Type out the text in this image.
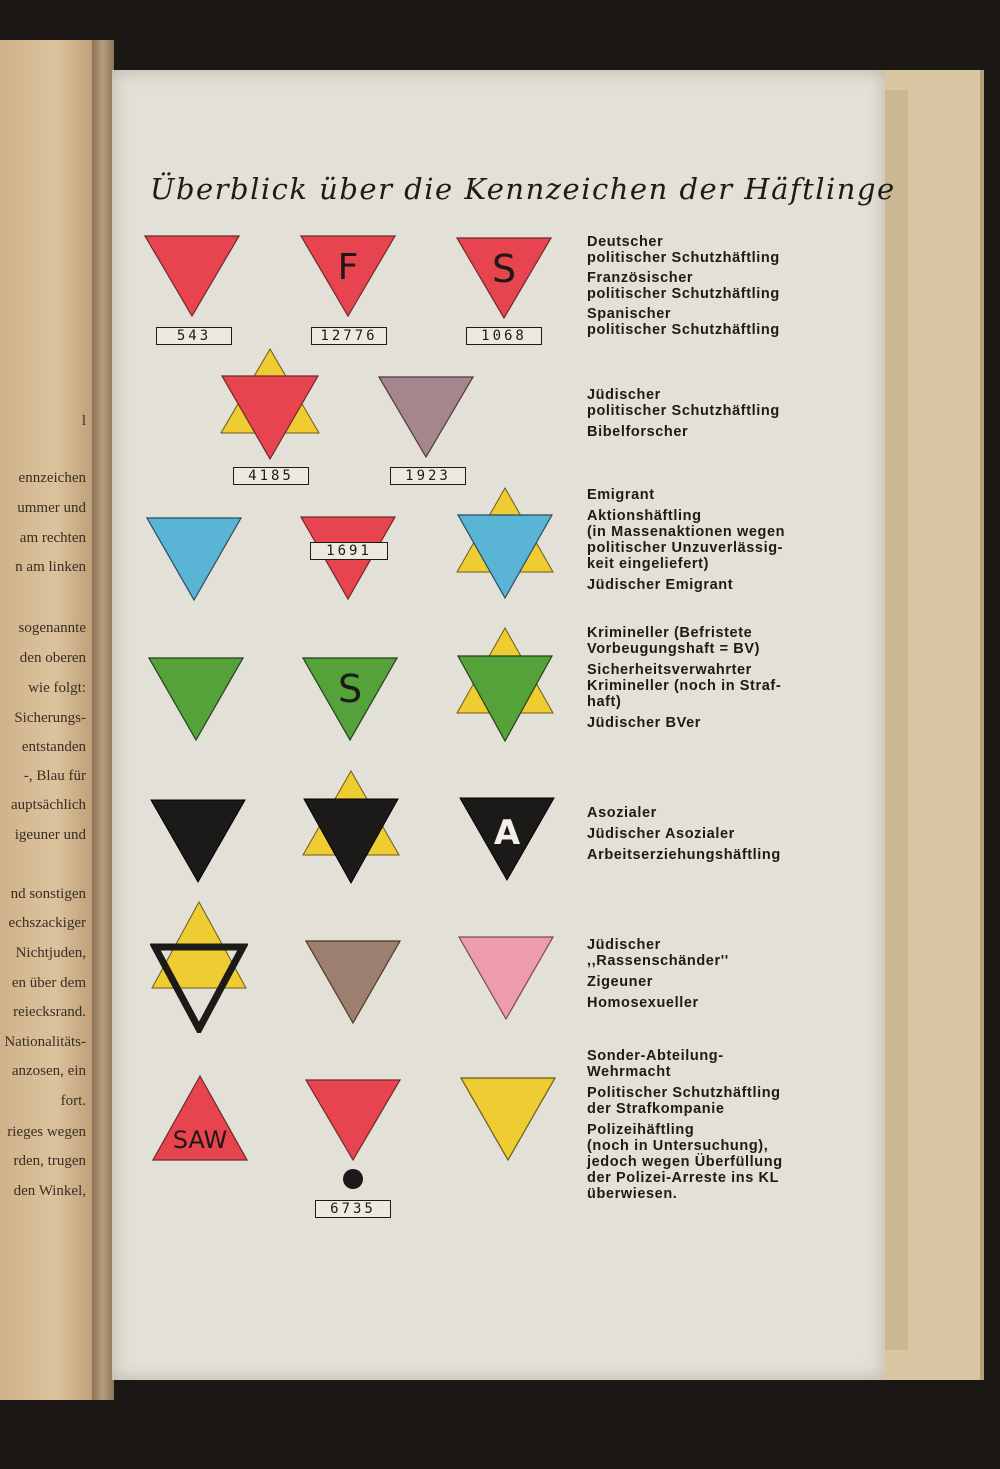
l
ennzeichen
ummer und
am rechten
n am linken
sogenannte
den oberen
wie folgt:
Sicherungs-
entstanden
-, Blau für
auptsächlich
igeuner und
nd sonstigen
echszackiger
Nichtjuden,
en über dem
reiecksrand.
Nationalitäts-
anzosen, ein
fort.
rieges wegen
rden, trugen
den Winkel,
Überblick über die Kennzeichen der Häftlinge
543
F
12776
S
1068
4185	1923
1691
S
A
SAW
6735
Deutscher
politischer Schutzhäftling
Französischer
politischer Schutzhäftling
Spanischer
politischer Schutzhäftling
Jüdischer
politischer Schutzhäftling
Bibelforscher
Emigrant
Aktionshäftling
(in Massenaktionen wegen
politischer Unzuverlässig-
keit eingeliefert)
Jüdischer Emigrant
Krimineller (Befristete
Vorbeugungshaft = BV)
Sicherheitsverwahrter
Krimineller (noch in Straf-
haft)
Jüdischer BVer
Asozialer
Jüdischer Asozialer
Arbeitserziehungshäftling
Jüdischer
,,Rassenschänder''
Zigeuner
Homosexueller
Sonder-Abteilung-
Wehrmacht
Politischer Schutzhäftling
der Strafkompanie
Polizeihäftling
(noch in Untersuchung),
jedoch wegen Überfüllung
der Polizei-Arreste ins KL
überwiesen.
